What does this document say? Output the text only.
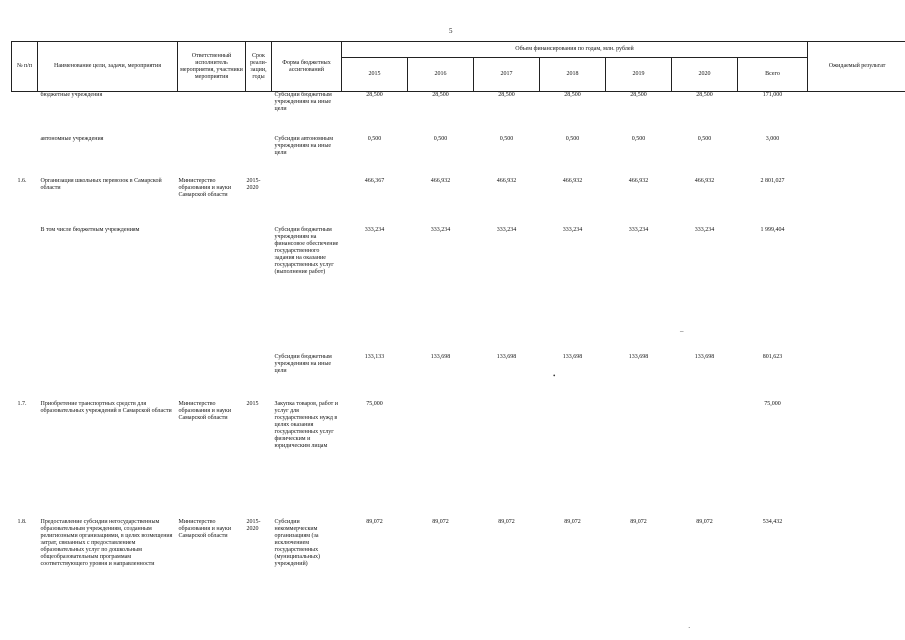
5
№ п/п	Наименование цели, задачи, мероприятия	Ответственный исполнитель мероприятия, участники мероприятия	Срок реали- зации, годы	Форма бюджетных ассигнований	Объем финансирования по годам, млн. рублей							Ожидаемый результат
					2015	2016	2017	2018	2019	2020	Всего	
	бюджетные учреждения			Субсидии бюджетным учреждениям на иные цели	28,500	28,500	28,500	28,500	28,500	28,500	171,000	
	автономные учреждения			Субсидии автономным учреждениям на иные цели	0,500	0,500	0,500	0,500	0,500	0,500	3,000	
1.6.	Организация школьных перевозок в Самарской области	Министерство образования и науки Самарской области	2015- 2020		466,367	466,932	466,932	466,932	466,932	466,932	2 801,027	
	В том числе бюджетным учреждениям			Субсидии бюджетным учреждениям на финансовое обеспечение государственного задания на оказание государственных услуг (выполнение работ)	333,234	333,234	333,234	333,234	333,234	333,234	1 999,404	
				Субсидии бюджетным учреждениям на иные цели	133,133	133,698	133,698	133,698	133,698	133,698	801,623	
1.7.	Приобретение транспортных средств для образовательных учреждений в Самарской области	Министерство образования и науки Самарской области	2015	Закупка товаров, работ и услуг для государственных нужд в целях оказания государственных услуг физическим и юридическим лицам	75,000						75,000	
1.8.	Предоставление субсидии негосударственным образовательным учреждениям, созданным религиозными организациями, в целях возмещения затрат, связанных с предоставлением образовательных услуг по дошкольным общеобразовательным программам соответствующего уровня и направленности	Министерство образования и науки Самарской области	2015- 2020	Субсидии некоммерческим организациям (за исключением государственных (муниципальных) учреждений)	89,072	89,072	89,072	89,072	89,072	89,072	534,432	
–
•
·
